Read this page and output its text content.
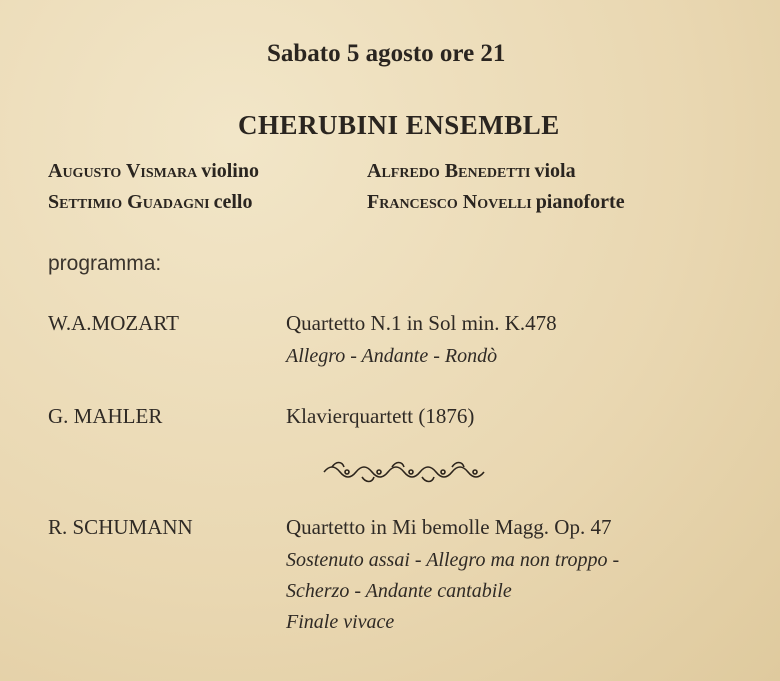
Sabato 5 agosto ore 21
CHERUBINI ENSEMBLE
Augusto Vismara violino	Alfredo Benedetti viola
Settimio Guadagni cello	Francesco Novelli pianoforte
programma:
W.A.MOZART	Quartetto N.1 in Sol min. K.478
Allegro - Andante - Rondò
G. MAHLER	Klavierquartett (1876)
R. SCHUMANN	Quartetto in Mi bemolle Magg. Op. 47
Sostenuto assai - Allegro ma non troppo -
Scherzo - Andante cantabile
Finale vivace
